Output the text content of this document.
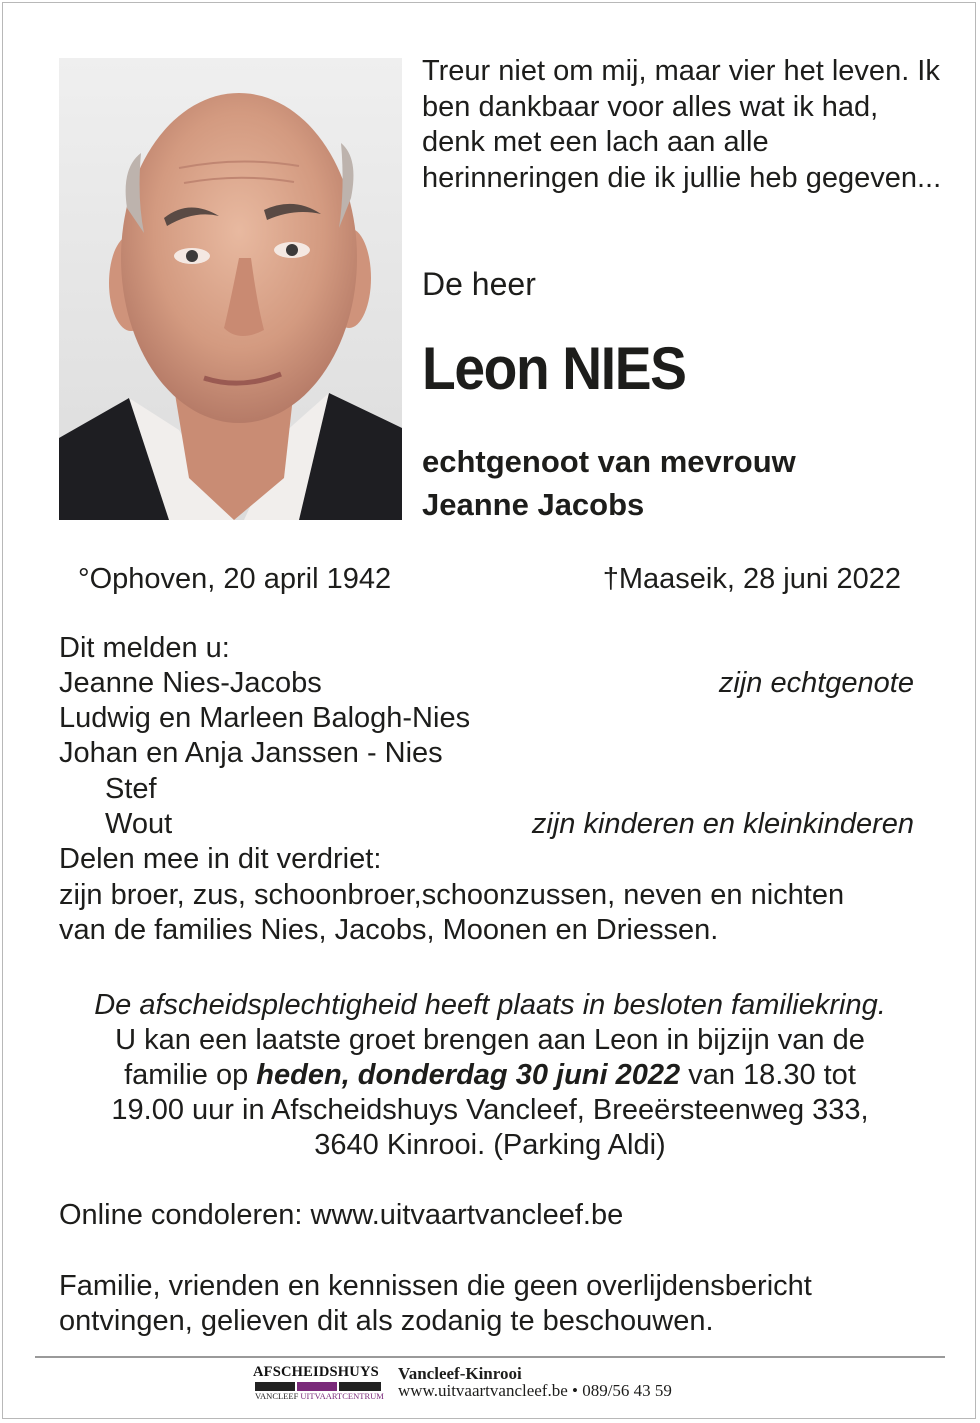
Treur niet om mij, maar vier het leven. Ik ben dankbaar voor alles wat ik had, denk met een lach aan alle herinneringen die ik jullie heb gegeven...
De heer
Leon NIES
echtgenoot van mevrouw
Jeanne Jacobs
°Ophoven, 20 april 1942	†Maaseik, 28 juni 2022
Dit melden u:
Jeanne Nies-Jacobs	zijn echtgenote
Ludwig en Marleen Balogh-Nies
Johan en Anja Janssen - Nies
Stef
Wout	zijn kinderen en kleinkinderen
Delen mee in dit verdriet:
zijn broer, zus, schoonbroer,schoonzussen, neven en nichten
van de families Nies, Jacobs, Moonen en Driessen.
De afscheidsplechtigheid heeft plaats in besloten familiekring.
U kan een laatste groet brengen aan Leon in bijzijn van de
familie op heden, donderdag 30 juni 2022 van 18.30 tot
19.00 uur in Afscheidshuys Vancleef, Breeërsteenweg 333,
3640 Kinrooi. (Parking Aldi)
Online condoleren: www.uitvaartvancleef.be
Familie, vrienden en kennissen die geen overlijdensbericht
ontvingen, gelieven dit als zodanig te beschouwen.
AFSCHEIDSHUYS
VANCLEEF UITVAARTCENTRUM
Vancleef-Kinrooi
www.uitvaartvancleef.be • 089/56 43 59
